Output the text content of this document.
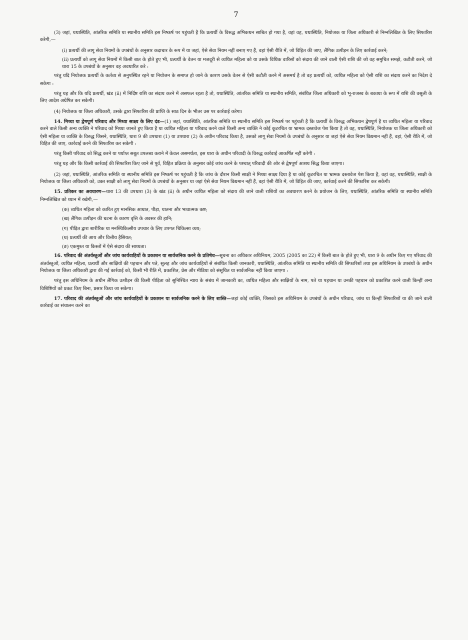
7

(3) जहां, यथास्थिति, आंतरिक समिति या स्थानीय समिति इस निष्कर्ष पर पहुंचती है कि प्रत्यर्थी के विरुद्ध अभिकथन साबित हो गया है, वहां वह, यथास्थिति, नियोजक या जिला अधिकारी से निम्नलिखित के लिए सिफारिश करेगी,—

(i) प्रत्यर्थी की लागू सेवा नियमों के उपबंधों के अनुसार कदाचार के रूप में या जहां, ऐसे सेवा नियम नहीं बनाए गए हैं, वहां ऐसी रीति में, जो विहित की जाए, लैंगिक उत्पीड़न के लिए कार्रवाई करने;

(ii) प्रत्यर्थी को लागू सेवा नियमों में किसी बात के होते हुए भी, प्रत्यर्थी के वेतन या मजदूरी से व्यथित महिला को या उसके विधिक वारिसों को संदाय की जाने वाली ऐसी राशि की जो वह समुचित समझे, कटौती करने, जो धारा 15 के उपबंधों के अनुसार वह अवधारित करे :

परंतु यदि नियोजक प्रत्यर्थी के कर्तव्य से अनुपस्थित रहने या नियोजन के समाप्त हो जाने के कारण उसके वेतन से ऐसी कटौती करने में असमर्थ है तो वह प्रत्यर्थी को, व्यथित महिला को ऐसी राशि का संदाय करने का निदेश दे सकेगा :

परंतु यह और कि यदि प्रत्यर्थी, खंड (ii) में निर्दिष्ट राशि का संदाय करने में असफल रहता है तो, यथास्थिति, आंतरिक समिति या स्थानीय समिति, संबंधित जिला अधिकारी को भू-राजस्व के बकाया के रूप में राशि की वसूली के लिए आदेश अग्रेषित कर सकेगी।

(4) नियोजक या जिला अधिकारी, उसके द्वारा सिफारिश की प्राप्ति के साठ दिन के भीतर उस पर कार्रवाई करेगा।

14. मिथ्या या द्वेषपूर्ण परिवाद और मिथ्या साक्ष्य के लिए दंड—(1) जहां, यथास्थिति, आंतरिक समिति या स्थानीय समिति इस निष्कर्ष पर पहुंचती है कि प्रत्यर्थी के विरुद्ध अभिकथन द्वेषपूर्ण है या व्यथित महिला या परिवाद करने वाले किसी अन्य व्यक्ति ने परिवाद को मिथ्या जानते हुए किया है या व्यथित महिला या परिवाद करने वाले किसी अन्य व्यक्ति ने कोई कूटरचित या भ्रामक दस्तावेज पेश किया है तो वह, यथास्थिति, नियोजक या जिला अधिकारी को ऐसी महिला या व्यक्ति के विरुद्ध जिसने, यथास्थिति, धारा 9 की उपधारा (1) या उपधारा (2) के अधीन परिवाद किया है, उसको लागू सेवा नियमों के उपबंधों के अनुसार या जहां ऐसे सेवा नियम विद्यमान नहीं हैं, वहां, ऐसी रीति में, जो विहित की जाए, कार्रवाई करने की सिफारिश कर सकेगी :

परंतु किसी परिवाद को सिद्ध करने या पर्याप्त सबूत उपलब्ध कराने में केवल असमर्थता, इस धारा के अधीन परिवादी के विरुद्ध कार्रवाई आकर्षित नहीं करेगी :

परंतु यह और कि किसी कार्रवाई की सिफारिश किए जाने से पूर्व, विहित प्रक्रिया के अनुसार कोई जांच करने के पश्चात् परिवादी की ओर से द्वेषपूर्ण आशय सिद्ध किया जाएगा।

(2) जहां, यथास्थिति, आंतरिक समिति या स्थानीय समिति इस निष्कर्ष पर पहुंचती है कि जांच के दौरान किसी साक्षी ने मिथ्या साक्ष्य दिया है या कोई कूटरचित या भ्रामक दस्तावेज पेश किया है, वहां वह, यथास्थिति, साक्षी के नियोजक या जिला अधिकारी को, उक्त साक्षी को लागू सेवा नियमों के उपबंधों के अनुसार या जहां ऐसे सेवा नियम विद्यमान नहीं हैं, वहां ऐसी रीति में, जो विहित की जाए, कार्रवाई करने की सिफारिश कर सकेगी।

15. प्रतिकर का अवधारण—धारा 13 की उपधारा (3) के खंड (ii) के अधीन व्यथित महिला को संदाय की जाने वाली राशियों का अवधारण करने के प्रयोजन के लिए, यथास्थिति, आंतरिक समिति या स्थानीय समिति निम्नलिखित को ध्यान में रखेगी,—

(क) व्यथित महिला को कारित हुए मानसिक आघात, पीड़ा, यातना और भावात्मक कष्ट;

(ख) लैंगिक उत्पीड़न की घटना के कारण वृत्ति के अवसर की हानि;

(ग) पीड़ित द्वारा शारीरिक या मनश्चिकित्सीय उपचार के लिए उपगत चिकित्सा व्यय;

(घ) प्रत्यर्थी की आय और वित्तीय हैसियत;

(ङ) एकमुश्त या किस्तों में ऐसे संदाय की साध्यता।

16. परिवाद की अंतर्वस्तुओं और जांच कार्यवाहियों के प्रकाशन या सार्वजनिक करने के प्रतिषेध—सूचना का अधिकार अधिनियम, 2005 (2005 का 22) में किसी बात के होते हुए भी, धारा 9 के अधीन किए गए परिवाद की अंतर्वस्तुओं, व्यथित महिला, प्रत्यर्थी और साक्षियों की पहचान और पते, सुलह और जांच कार्यवाहियों से संबंधित किसी जानकारी, यथास्थिति, आंतरिक समिति या स्थानीय समिति की सिफारिशों तथा इस अधिनियम के उपबंधों के अधीन नियोजक या जिला अधिकारी द्वारा की गई कार्रवाई को, किसी भी रीति में, प्रकाशित, प्रेस और मीडिया को संसूचित या सार्वजनिक नहीं किया जाएगा :

परंतु इस अधिनियम के अधीन लैंगिक उत्पीड़न की किसी पीड़िता को सुनिश्चित न्याय के संबंध में जानकारी का, व्यथित महिला और साक्षियों के नाम, पते या पहचान या उनकी पहचान को प्रकाशित करने वाली किन्हीं अन्य विशिष्टियों को प्रकट किए बिना, प्रसार किया जा सकेगा।

17. परिवाद की अंतर्वस्तुओं और जांच कार्यवाहियों के प्रकाशन या सार्वजनिक करने के लिए शास्ति—जहां कोई व्यक्ति, जिसको इस अधिनियम के उपबंधों के अधीन परिवाद, जांच या किन्हीं सिफारिशों या की जाने वाली कार्रवाई का संचालन करने का
